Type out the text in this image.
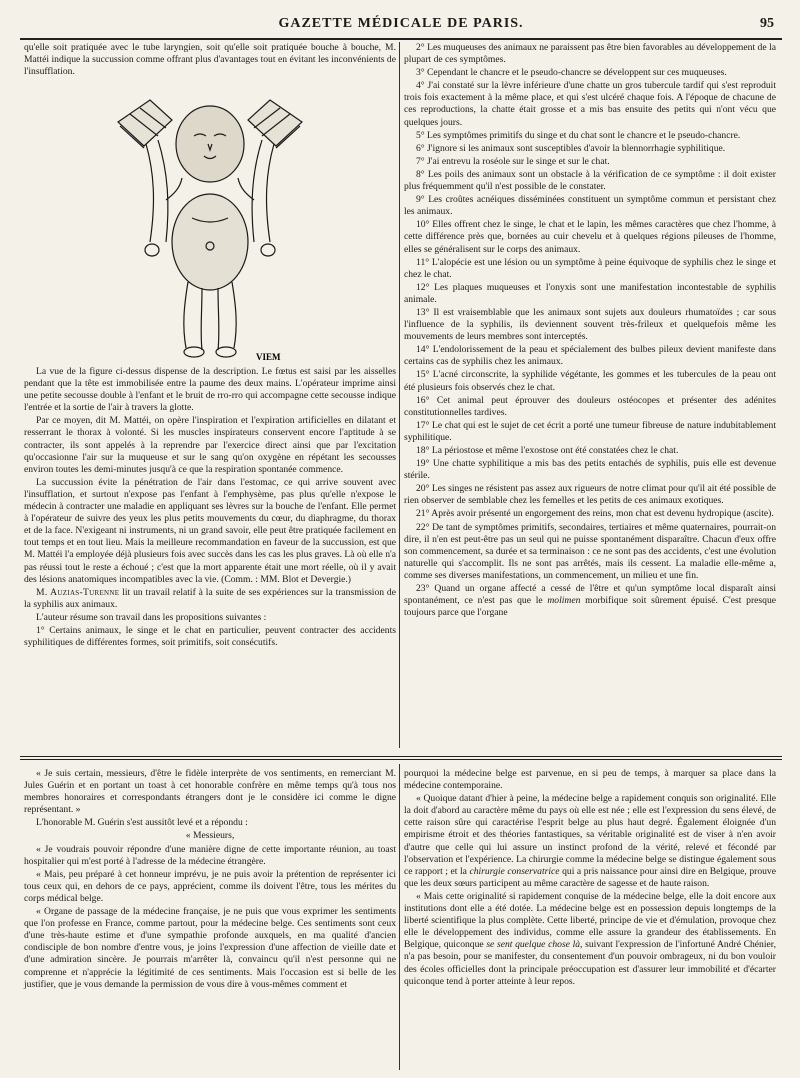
GAZETTE MÉDICALE DE PARIS.	95

qu'elle soit pratiquée avec le tube laryngien, soit qu'elle soit pratiquée bouche à bouche, M. Mattéi indique la succussion comme offrant plus d'avantages tout en évitant les inconvénients de l'insufflation.

VIEM

La vue de la figure ci-dessus dispense de la description. Le fœtus est saisi par les aisselles pendant que la tête est immobilisée entre la paume des deux mains. L'opérateur imprime ainsi une petite secousse double à l'enfant et le bruit de rro-rro qui accompagne cette secousse indique l'entrée et la sortie de l'air à travers la glotte.

Par ce moyen, dit M. Mattéi, on opère l'inspiration et l'expiration artificielles en dilatant et resserrant le thorax à volonté. Si les muscles inspirateurs conservent encore l'aptitude à se contracter, ils sont appelés à la reprendre par l'exercice direct ainsi que par l'excitation qu'occasionne l'air sur la muqueuse et sur le sang qu'on oxygène en répétant les secousses environ toutes les demi-minutes jusqu'à ce que la respiration spontanée commence.

La succussion évite la pénétration de l'air dans l'estomac, ce qui arrive souvent avec l'insufflation, et surtout n'expose pas l'enfant à l'emphysème, pas plus qu'elle n'expose le médecin à contracter une maladie en appliquant ses lèvres sur la bouche de l'enfant. Elle permet à l'opérateur de suivre des yeux les plus petits mouvements du cœur, du diaphragme, du thorax et de la face. N'exigeant ni instruments, ni un grand savoir, elle peut être pratiquée facilement en tout temps et en tout lieu. Mais la meilleure recommandation en faveur de la succussion, est que M. Mattéi l'a employée déjà plusieurs fois avec succès dans les cas les plus graves. Là où elle n'a pas réussi tout le reste a échoué ; c'est que la mort apparente était une mort réelle, où il y avait des lésions anatomiques incompatibles avec la vie. (Comm. : MM. Blot et Devergie.)

M. Auzias-Turenne lit un travail relatif à la suite de ses expériences sur la transmission de la syphilis aux animaux.

L'auteur résume son travail dans les propositions suivantes :

1° Certains animaux, le singe et le chat en particulier, peuvent contracter des accidents syphilitiques de différentes formes, soit primitifs, soit consécutifs.

2° Les muqueuses des animaux ne paraissent pas être bien favorables au développement de la plupart de ces symptômes.

3° Cependant le chancre et le pseudo-chancre se développent sur ces muqueuses.

4° J'ai constaté sur la lèvre inférieure d'une chatte un gros tubercule tardif qui s'est reproduit trois fois exactement à la même place, et qui s'est ulcéré chaque fois. A l'époque de chacune de ces reproductions, la chatte était grosse et a mis bas ensuite des petits qui n'ont vécu que quelques jours.

5° Les symptômes primitifs du singe et du chat sont le chancre et le pseudo-chancre.

6° J'ignore si les animaux sont susceptibles d'avoir la blennorrhagie syphilitique.

7° J'ai entrevu la roséole sur le singe et sur le chat.

8° Les poils des animaux sont un obstacle à la vérification de ce symptôme : il doit exister plus fréquemment qu'il n'est possible de le constater.

9° Les croûtes acnéiques disséminées constituent un symptôme commun et persistant chez les animaux.

10° Elles offrent chez le singe, le chat et le lapin, les mêmes caractères que chez l'homme, à cette différence près que, bornées au cuir chevelu et à quelques régions pileuses de l'homme, elles se généralisent sur le corps des animaux.

11° L'alopécie est une lésion ou un symptôme à peine équivoque de syphilis chez le singe et chez le chat.

12° Les plaques muqueuses et l'onyxis sont une manifestation incontestable de syphilis animale.

13° Il est vraisemblable que les animaux sont sujets aux douleurs rhumatoïdes ; car sous l'influence de la syphilis, ils deviennent souvent très-frileux et quelquefois même les mouvements de leurs membres sont interceptés.

14° L'endolorissement de la peau et spécialement des bulbes pileux devient manifeste dans certains cas de syphilis chez les animaux.

15° L'acné circonscrite, la syphilide végétante, les gommes et les tubercules de la peau ont été plusieurs fois observés chez le chat.

16° Cet animal peut éprouver des douleurs ostéocopes et présenter des adénites constitutionnelles tardives.

17° Le chat qui est le sujet de cet écrit a porté une tumeur fibreuse de nature indubitablement syphilitique.

18° La périostose et même l'exostose ont été constatées chez le chat.

19° Une chatte syphilitique a mis bas des petits entachés de syphilis, puis elle est devenue stérile.

20° Les singes ne résistent pas assez aux rigueurs de notre climat pour qu'il ait été possible de rien observer de semblable chez les femelles et les petits de ces animaux exotiques.

21° Après avoir présenté un engorgement des reins, mon chat est devenu hydropique (ascite).

22° De tant de symptômes primitifs, secondaires, tertiaires et même quaternaires, pourrait-on dire, il n'en est peut-être pas un seul qui ne puisse spontanément disparaître. Chacun d'eux offre son commencement, sa durée et sa terminaison : ce ne sont pas des accidents, c'est une évolution naturelle qui s'accomplit. Ils ne sont pas arrêtés, mais ils cessent. La maladie elle-même a, comme ses diverses manifestations, un commencement, un milieu et une fin.

23° Quand un organe affecté a cessé de l'être et qu'un symptôme local disparaît ainsi spontanément, ce n'est pas que le molimen morbifique soit sûrement épuisé. C'est presque toujours parce que l'organe

« Je suis certain, messieurs, d'être le fidèle interprète de vos sentiments, en remerciant M. Jules Guérin et en portant un toast à cet honorable confrère en même temps qu'à tous nos membres honoraires et correspondants étrangers dont je le considère ici comme le digne représentant. »

L'honorable M. Guérin s'est aussitôt levé et a répondu :

« Messieurs,

« Je voudrais pouvoir répondre d'une manière digne de cette importante réunion, au toast hospitalier qui m'est porté à l'adresse de la médecine étrangère.

« Mais, peu préparé à cet honneur imprévu, je ne puis avoir la prétention de représenter ici tous ceux qui, en dehors de ce pays, apprécient, comme ils doivent l'être, tous les mérites du corps médical belge.

« Organe de passage de la médecine française, je ne puis que vous exprimer les sentiments que l'on professe en France, comme partout, pour la médecine belge. Ces sentiments sont ceux d'une très-haute estime et d'une sympathie profonde auxquels, en ma qualité d'ancien condisciple de bon nombre d'entre vous, je joins l'expression d'une affection de vieille date et d'une admiration sincère. Je pourrais m'arrêter là, convaincu qu'il n'est personne qui ne comprenne et n'apprécie la légitimité de ces sentiments. Mais l'occasion est si belle de les justifier, que je vous demande la permission de vous dire à vous-mêmes comment et

pourquoi la médecine belge est parvenue, en si peu de temps, à marquer sa place dans la médecine contemporaine.

« Quoique datant d'hier à peine, la médecine belge a rapidement conquis son originalité. Elle la doit d'abord au caractère même du pays où elle est née ; elle est l'expression du sens élevé, de cette raison sûre qui caractérise l'esprit belge au plus haut degré. Également éloignée d'un empirisme étroit et des théories fantastiques, sa véritable originalité est de viser à n'en avoir d'autre que celle qui lui assure un instinct profond de la vérité, relevé et fécondé par l'observation et l'expérience. La chirurgie comme la médecine belge se distingue également sous ce rapport ; et la chirurgie conservatrice qui a pris naissance pour ainsi dire en Belgique, prouve que les deux sœurs participent au même caractère de sagesse et de haute raison.

« Mais cette originalité si rapidement conquise de la médecine belge, elle la doit encore aux institutions dont elle a été dotée. La médecine belge est en possession depuis longtemps de la liberté scientifique la plus complète. Cette liberté, principe de vie et d'émulation, provoque chez elle le développement des individus, comme elle assure la grandeur des établissements. En Belgique, quiconque se sent quelque chose là, suivant l'expression de l'infortuné André Chénier, n'a pas besoin, pour se manifester, du consentement d'un pouvoir ombrageux, ni du bon vouloir des écoles officielles dont la principale préoccupation est d'assurer leur immobilité et d'écarter quiconque tend à porter atteinte à leur repos.
